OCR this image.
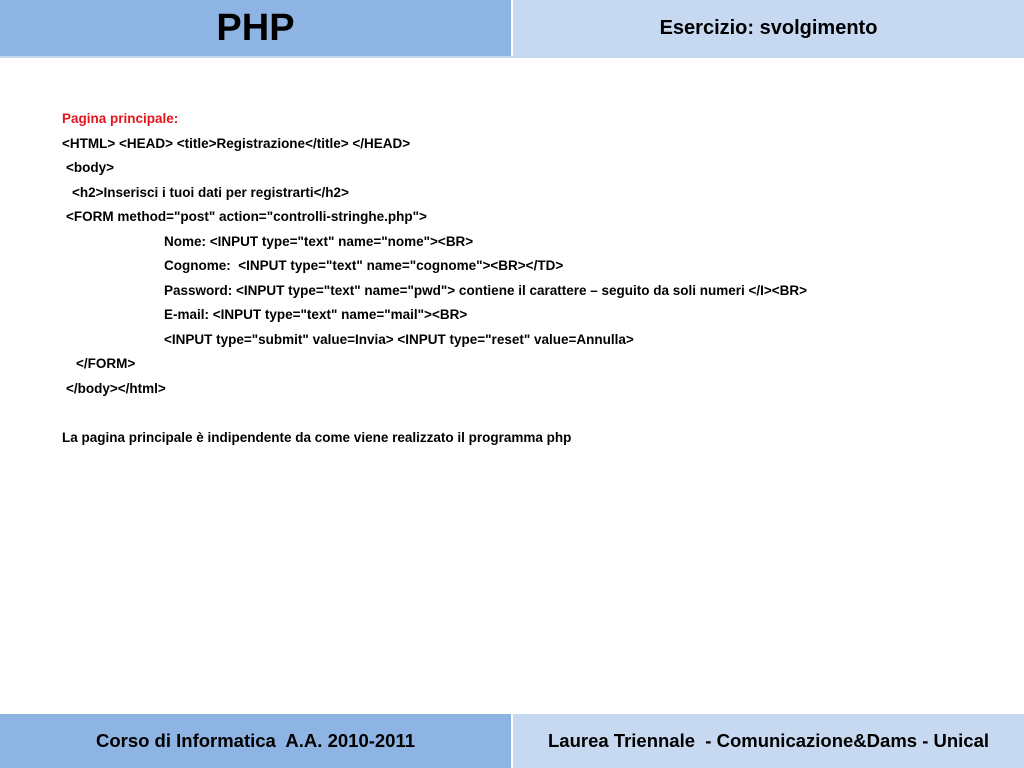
PHP	Esercizio: svolgimento
Pagina principale:
<HTML> <HEAD> <title>Registrazione</title> </HEAD>
<body>
<h2>Inserisci i tuoi dati per registrarti</h2>
<FORM method="post" action="controlli-stringhe.php">
Nome: <INPUT type="text" name="nome"><BR>
Cognome:  <INPUT type="text" name="cognome"><BR></TD>
Password: <INPUT type="text" name="pwd"> contiene il carattere – seguito da soli numeri </I><BR>
E-mail: <INPUT type="text" name="mail"><BR>
<INPUT type="submit" value=Invia> <INPUT type="reset" value=Annulla>
</FORM>
</body></html>
La pagina principale è indipendente da come viene realizzato il programma php
Corso di Informatica  A.A. 2010-2011	Laurea Triennale  - Comunicazione&Dams - Unical
